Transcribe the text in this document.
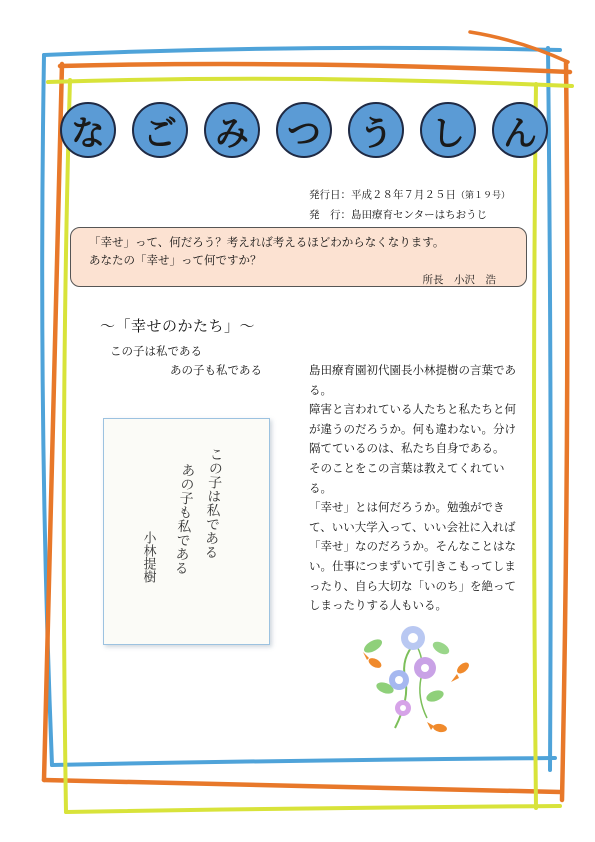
な	ご	み	つ	う	し	ん
発行日：平成２８年７月２５日（第１９号）
発　行：島田療育センターはちおうじ
「幸せ」って、何だろう？考えれば考えるほどわからなくなります。
あなたの「幸せ」って何ですか？
所長　小沢　浩
～「幸せのかたち」～
この子は私である
あの子も私である
この子は私である
あの子も私である
小林提樹

島田療育園初代園長小林提樹の言葉である。

障害と言われている人たちと私たちと何が違うのだろうか。何も違わない。分け隔てているのは、私たち自身である。

そのことをこの言葉は教えてくれている。

「幸せ」とは何だろうか。勉強ができて、いい大学入って、いい会社に入れば「幸せ」なのだろうか。そんなことはない。仕事につまずいて引きこもってしまったり、自ら大切な「いのち」を絶ってしまったりする人もいる。
